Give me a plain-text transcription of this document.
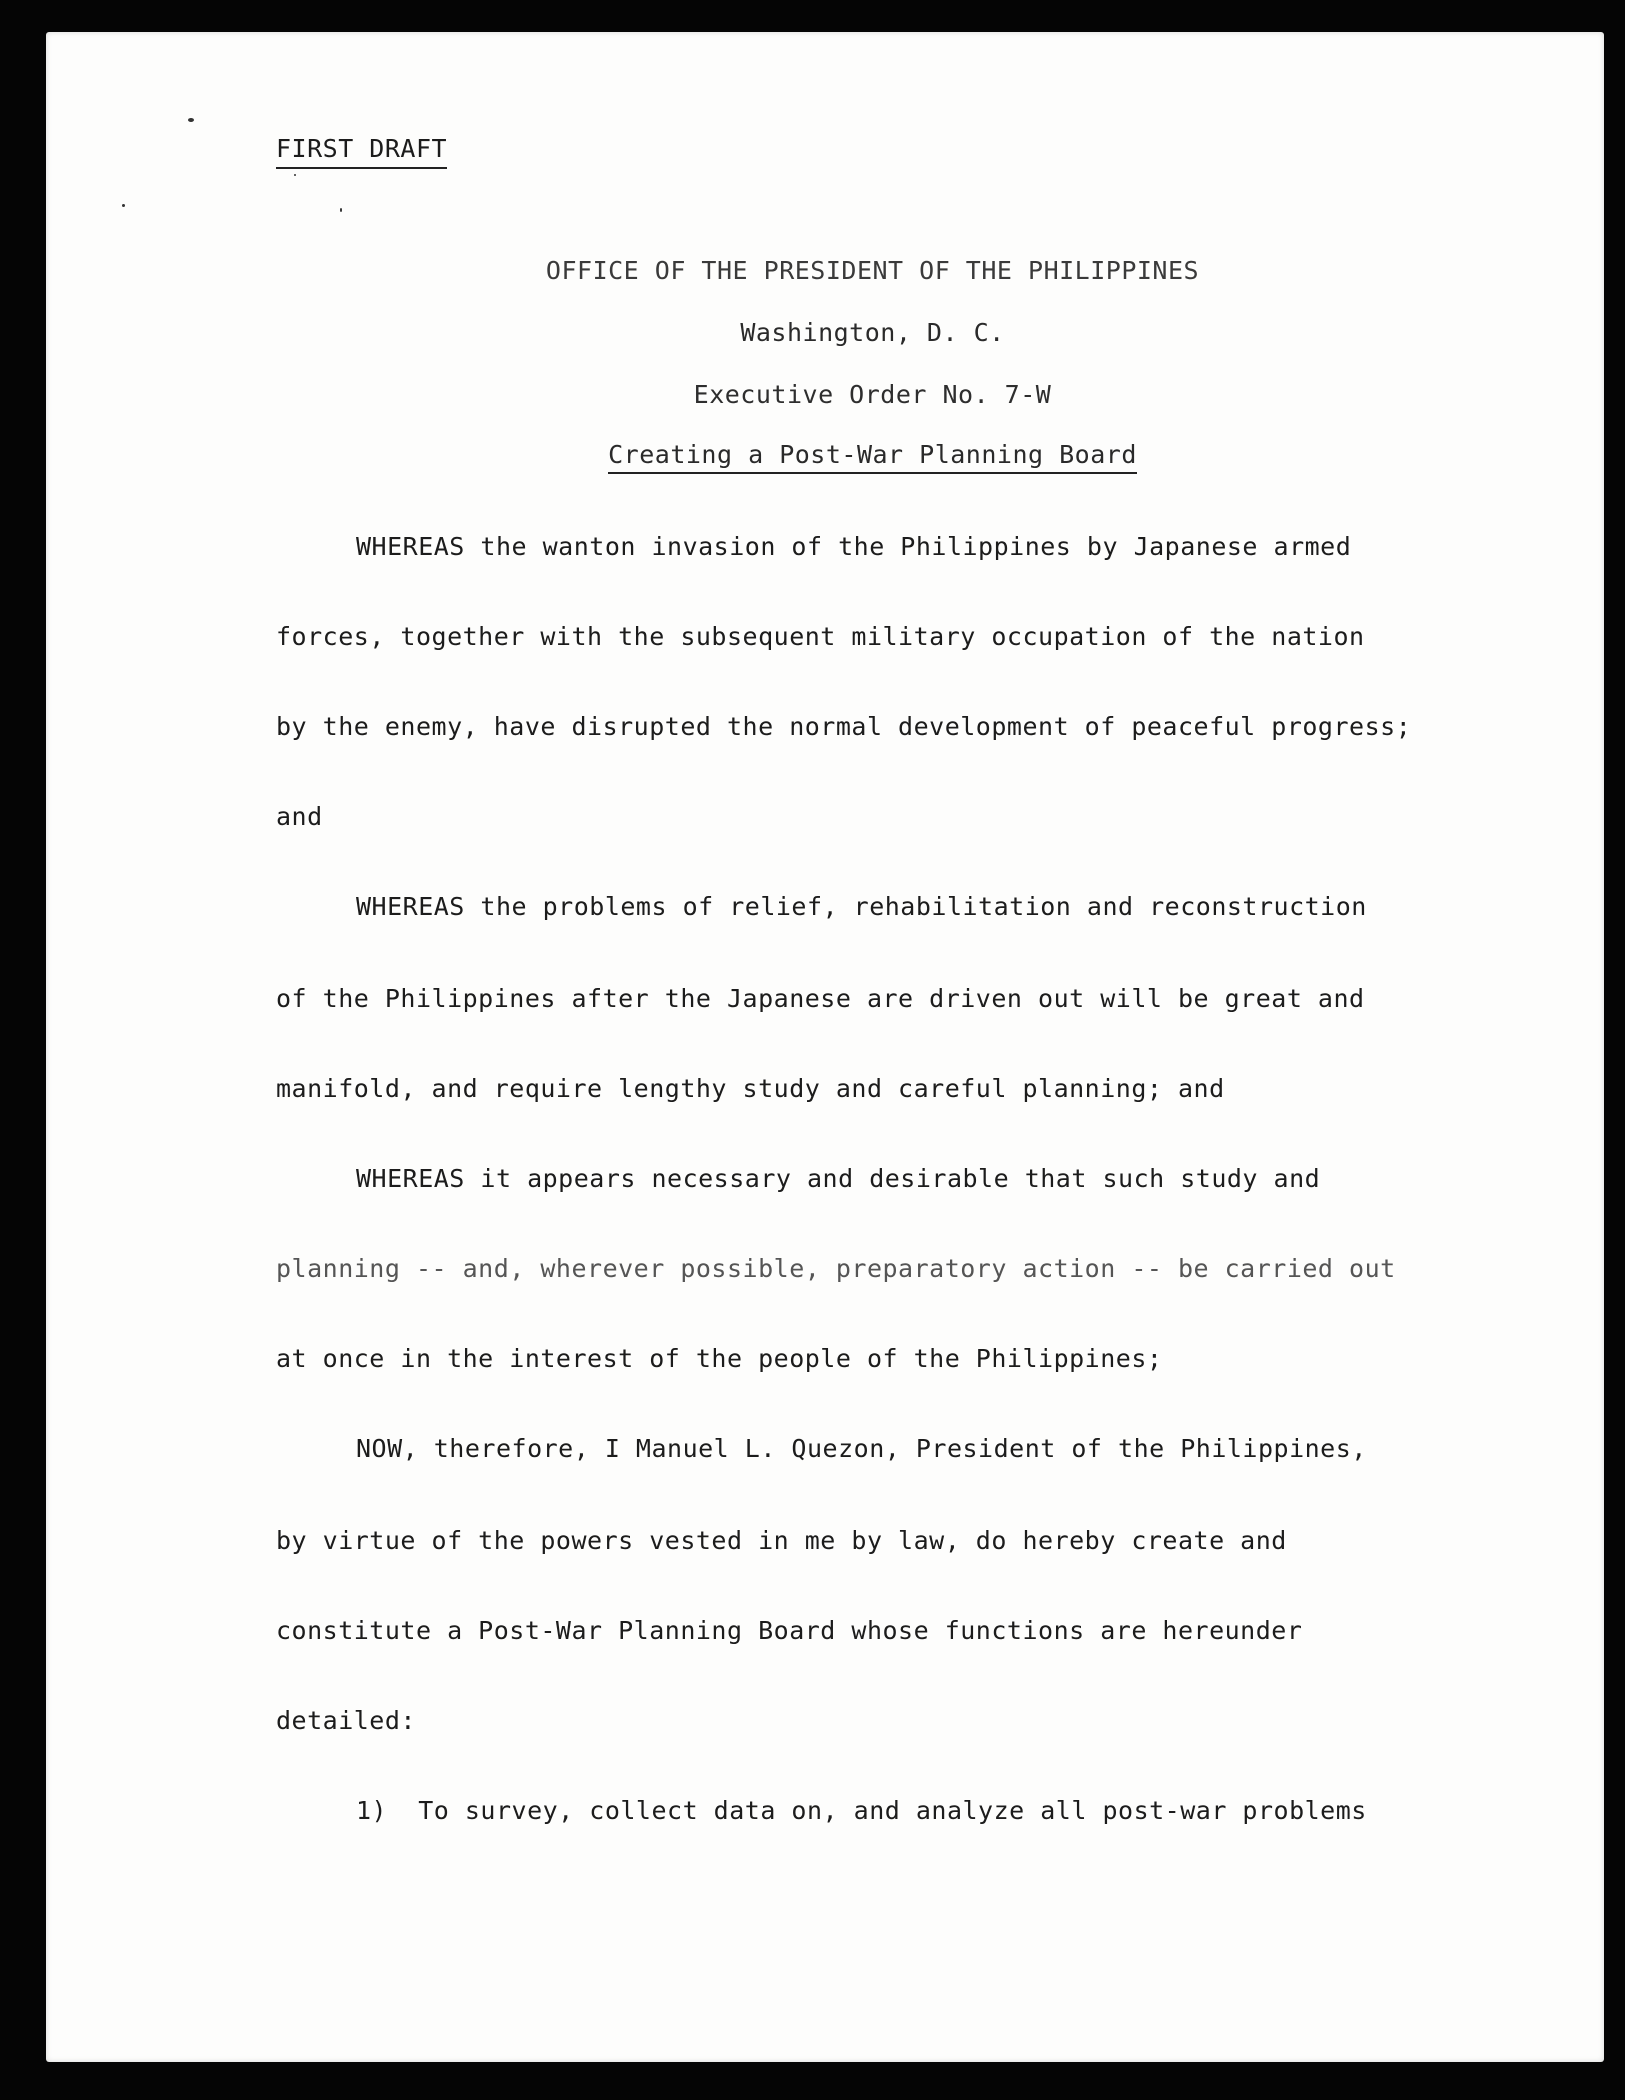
FIRST DRAFT
OFFICE OF THE PRESIDENT OF THE PHILIPPINES
Washington, D. C.
Executive Order No. 7-W
Creating a Post-War Planning Board
WHEREAS the wanton invasion of the Philippines by Japanese armed
forces, together with the subsequent military occupation of the nation
by the enemy, have disrupted the normal development of peaceful progress;
and
WHEREAS the problems of relief, rehabilitation and reconstruction
of the Philippines after the Japanese are driven out will be great and
manifold, and require lengthy study and careful planning; and
WHEREAS it appears necessary and desirable that such study and
planning -- and, wherever possible, preparatory action -- be carried out
at once in the interest of the people of the Philippines;
NOW, therefore, I Manuel L. Quezon, President of the Philippines,
by virtue of the powers vested in me by law, do hereby create and
constitute a Post-War Planning Board whose functions are hereunder
detailed:
1)  To survey, collect data on, and analyze all post-war problems
